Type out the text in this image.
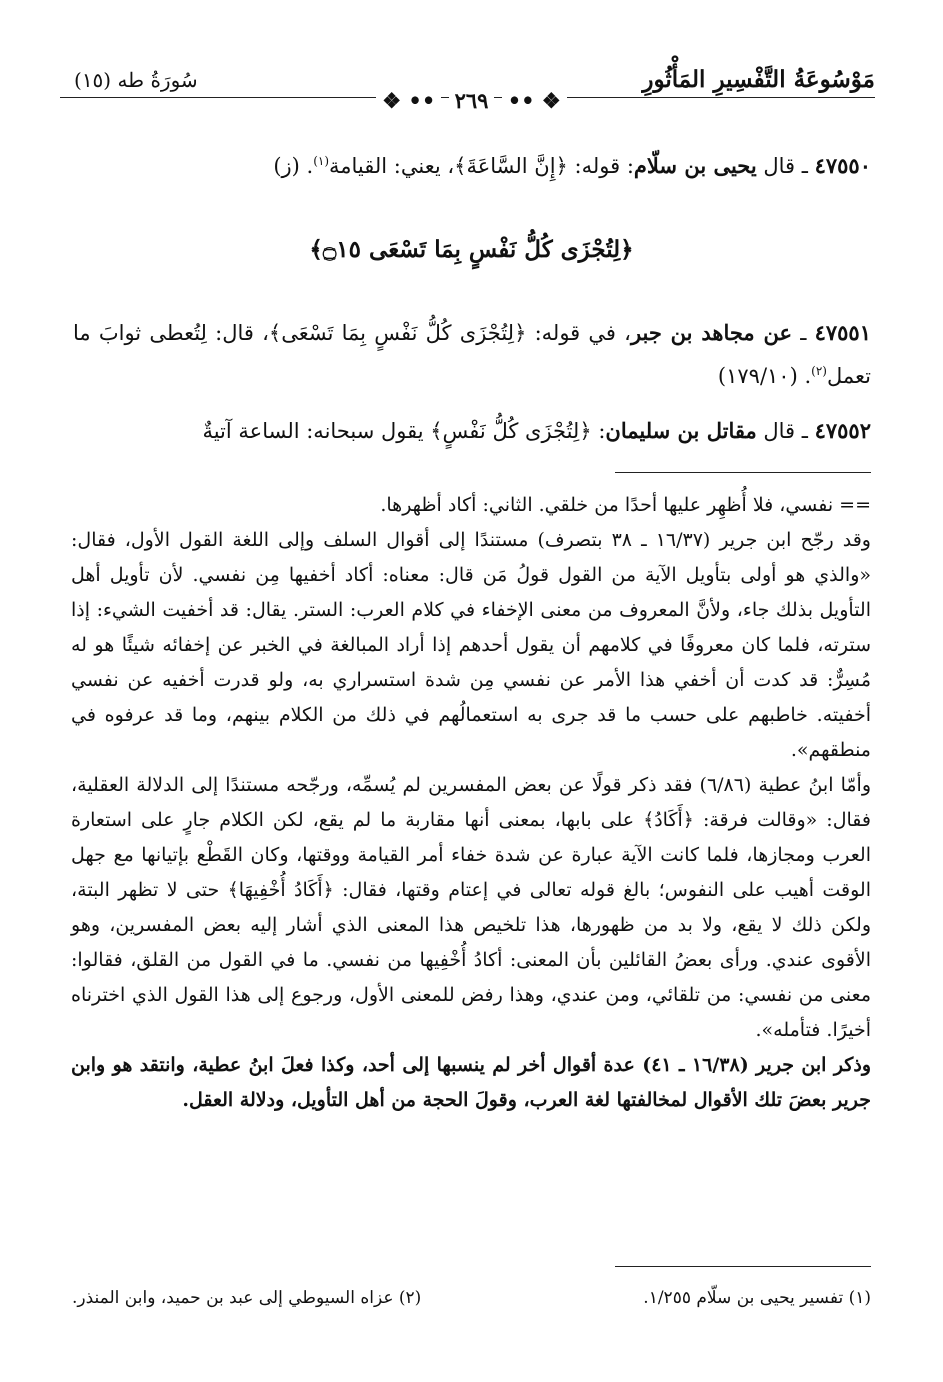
مَوْسُوعَةُ التَّفْسِيرِ المَأْثُورِ
سُورَةُ طه (١٥)
❖ •• ٢٦٩ •• ❖
٤٧٥٥٠ ـ قال يحيى بن سلّام: قوله: ﴿إِنَّ السَّاعَةَ﴾، يعني: القيامة$^{(١)}$. (ز)
﴿لِتُجْزَى كُلُّ نَفْسٍ بِمَا تَسْعَى ۝١٥﴾
٤٧٥٥١ ـ عن مجاهد بن جبر، في قوله: ﴿لِتُجْزَى كُلُّ نَفْسٍ بِمَا تَسْعَى﴾، قال: لِتُعطى ثوابَ ما تعمل$^{(٢)}$. (١٧٩/١٠)
٤٧٥٥٢ ـ قال مقاتل بن سليمان: ﴿لِتُجْزَى كُلُّ نَفْسٍ﴾ يقول سبحانه: الساعة آتيةٌ

== نفسي، فلا أُظهِر عليها أحدًا من خلقي. الثاني: أكاد أظهرها.

وقد رجّح ابن جرير (١٦/٣٧ ـ ٣٨ بتصرف) مستندًا إلى أقوال السلف وإلى اللغة القول الأول، فقال: «والذي هو أولى بتأويل الآية من القول قولُ مَن قال: معناه: أكاد أخفيها مِن نفسي. لأن تأويل أهل التأويل بذلك جاء، ولأنَّ المعروف من معنى الإخفاء في كلام العرب: الستر. يقال: قد أخفيت الشيء: إذا سترته، فلما كان معروفًا في كلامهم أن يقول أحدهم إذا أراد المبالغة في الخبر عن إخفائه شيئًا هو له مُسِرٌّ: قد كدت أن أخفي هذا الأمر عن نفسي مِن شدة استسراري به، ولو قدرت أخفيه عن نفسي أخفيته. خاطبهم على حسب ما قد جرى به استعمالُهم في ذلك من الكلام بينهم، وما قد عرفوه في منطقهم».

وأمّا ابنُ عطية (٦/٨٦) فقد ذكر قولًا عن بعض المفسرين لم يُسمِّه، ورجّحه مستندًا إلى الدلالة العقلية، فقال: «وقالت فرقة: ﴿أَكَادُ﴾ على بابها، بمعنى أنها مقاربة ما لم يقع، لكن الكلام جارٍ على استعارة العرب ومجازها، فلما كانت الآية عبارة عن شدة خفاء أمر القيامة ووقتها، وكان القَطْع بإتيانها مع جهل الوقت أهيب على النفوس؛ بالغ قوله تعالى في إعتام وقتها، فقال: ﴿أَكَادُ أُخْفِيهَا﴾ حتى لا تظهر البتة، ولكن ذلك لا يقع، ولا بد من ظهورها، هذا تلخيص هذا المعنى الذي أشار إليه بعض المفسرين، وهو الأقوى عندي. ورأى بعضُ القائلين بأن المعنى: أكادُ أُخْفِيها من نفسي. ما في القول من القلق، فقالوا: معنى من نفسي: من تلقائي، ومن عندي، وهذا رفض للمعنى الأول، ورجوع إلى هذا القول الذي اخترناه أخيرًا. فتأمله».

وذكر ابن جرير (١٦/٣٨ ـ ٤١) عدة أقوال أخر لم ينسبها إلى أحد، وكذا فعلَ ابنُ عطية، وانتقد هو وابن جرير بعضَ تلك الأقوال لمخالفتها لغة العرب، وقولَ الحجة من أهل التأويل، ودلالة العقل.

(١) تفسير يحيى بن سلّام ١/٢٥٥.
(٢) عزاه السيوطي إلى عبد بن حميد، وابن المنذر.
